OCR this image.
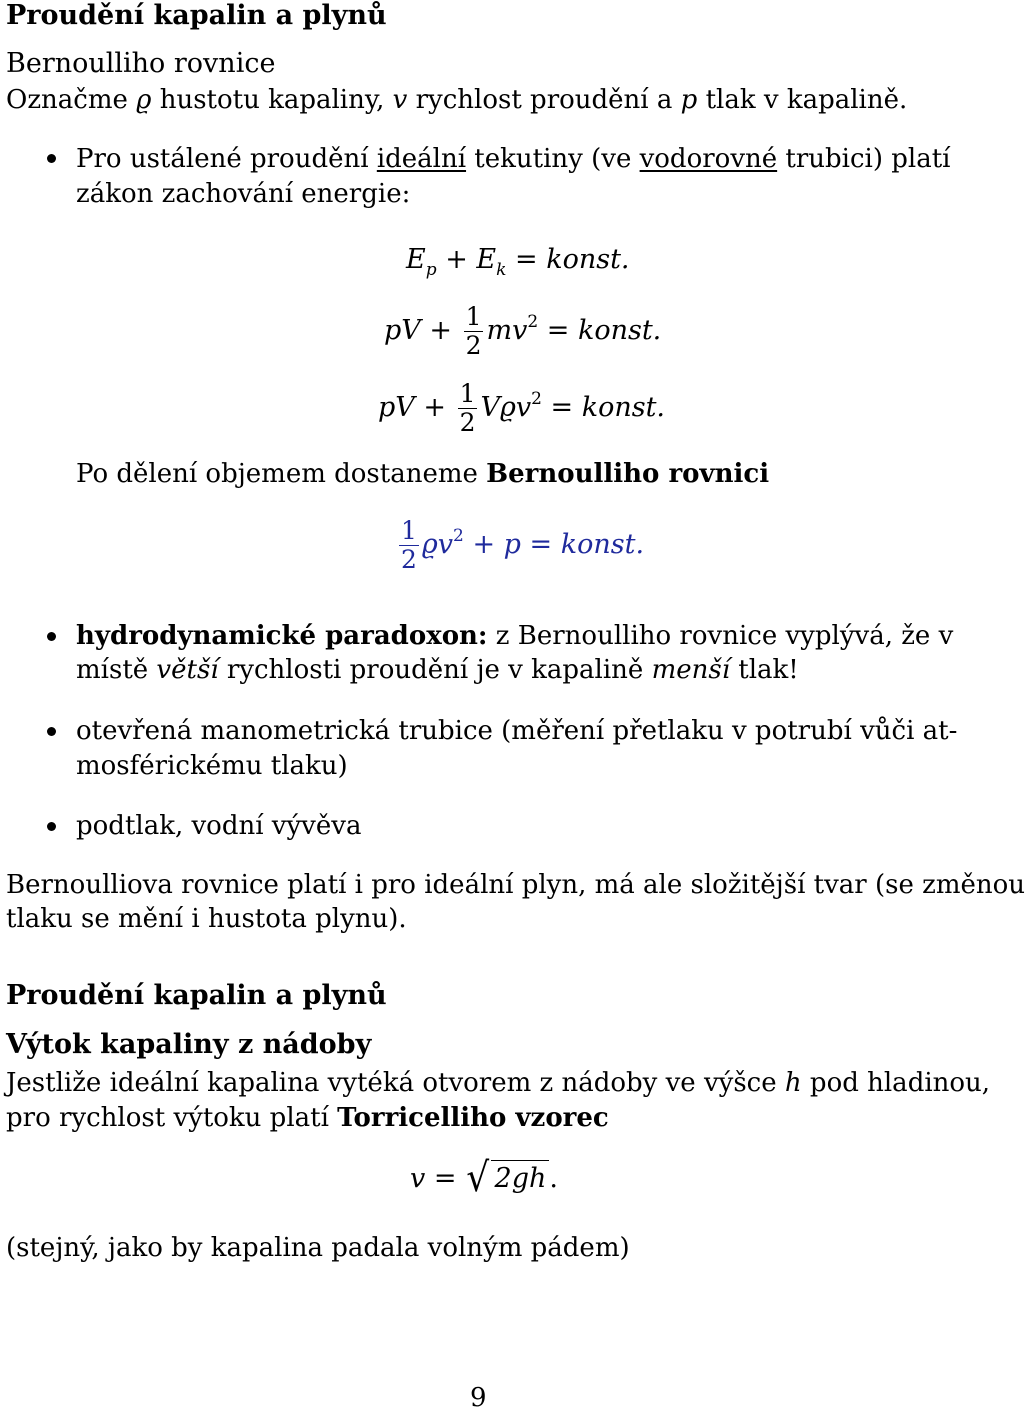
Proudění kapalin a plynů
Bernoulliho rovnice
Označme ϱ hustotu kapaliny, v rychlost proudění a p tlak v kapalině.
Pro ustálené proudění ideální tekutiny (ve vodorovné trubici) platí
zákon zachování energie:
$E_p + E_k$ = konst.
pV + $\frac{1}{2} mv^2$ = konst.
pV + $\frac{1}{2} Vϱv^2$ = konst.
Po dělení objemem dostaneme Bernoulliho rovnici
$\frac{1}{2} ϱv^2 + p$ = konst.
hydrodynamické paradoxon: z Bernoulliho rovnice vyplývá, že v
místě větší rychlosti proudění je v kapalině menší tlak!
otevřená manometrická trubice (měření přetlaku v potrubí vůči at-
mosférickému tlaku)
podtlak, vodní vývěva
Bernoulliova rovnice platí i pro ideální plyn, má ale složitější tvar (se změnou
tlaku se mění i hustota plynu).
Proudění kapalin a plynů
Výtok kapaliny z nádoby
Jestliže ideální kapalina vytéká otvorem z nádoby ve výšce h pod hladinou,
pro rychlost výtoku platí Torricelliho vzorec
v = √ 2gh .
(stejný, jako by kapalina padala volným pádem)
9
